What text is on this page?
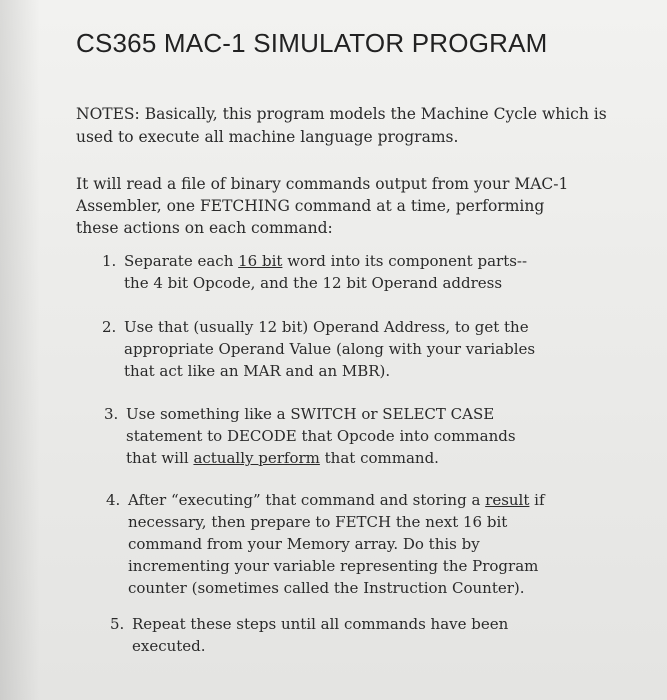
CS365 MAC-1 SIMULATOR PROGRAM

NOTES: Basically, this program models the Machine Cycle which is used to execute all machine language programs.

It will read a file of binary commands output from your MAC-1 Assembler, one FETCHING command at a time, performing these actions on each command:

1. Separate each 16 bit word into its component parts--
the 4 bit Opcode, and the 12 bit Operand address
2. Use that (usually 12 bit) Operand Address, to get the
appropriate Operand Value (along with your variables
that act like an MAR and an MBR).
3. Use something like a SWITCH or SELECT CASE
statement to DECODE that Opcode into commands
that will actually perform that command.
4. After “executing” that command and storing a result if
necessary, then prepare to FETCH the next 16 bit
command from your Memory array. Do this by
incrementing your variable representing the Program
counter (sometimes called the Instruction Counter).
5. Repeat these steps until all commands have been
executed.
